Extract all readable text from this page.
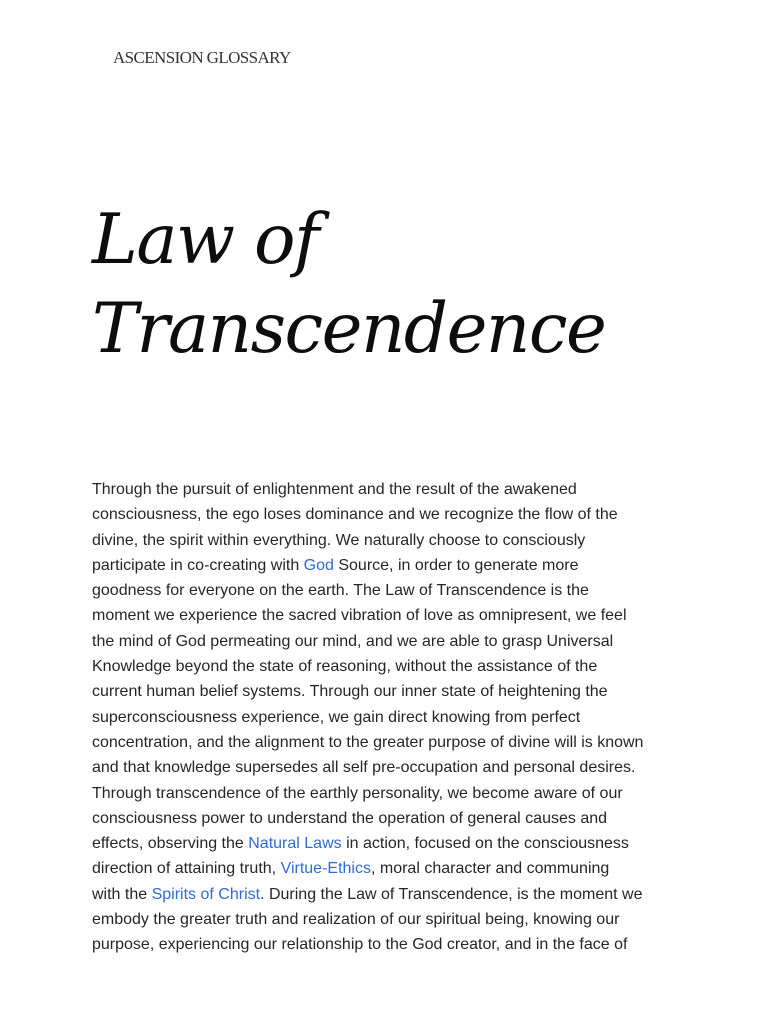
ASCENSION GLOSSARY
Law of
Transcendence

Through the pursuit of enlightenment and the result of the awakened
consciousness, the ego loses dominance and we recognize the flow of the
divine, the spirit within everything. We naturally choose to consciously
participate in co-creating with God Source, in order to generate more
goodness for everyone on the earth. The Law of Transcendence is the
moment we experience the sacred vibration of love as omnipresent, we feel
the mind of God permeating our mind, and we are able to grasp Universal
Knowledge beyond the state of reasoning, without the assistance of the
current human belief systems. Through our inner state of heightening the
superconsciousness experience, we gain direct knowing from perfect
concentration, and the alignment to the greater purpose of divine will is known
and that knowledge supersedes all self pre-occupation and personal desires.
Through transcendence of the earthly personality, we become aware of our
consciousness power to understand the operation of general causes and
effects, observing the Natural Laws in action, focused on the consciousness
direction of attaining truth, Virtue-Ethics, moral character and communing
with the Spirits of Christ. During the Law of Transcendence, is the moment we
embody the greater truth and realization of our spiritual being, knowing our
purpose, experiencing our relationship to the God creator, and in the face of
